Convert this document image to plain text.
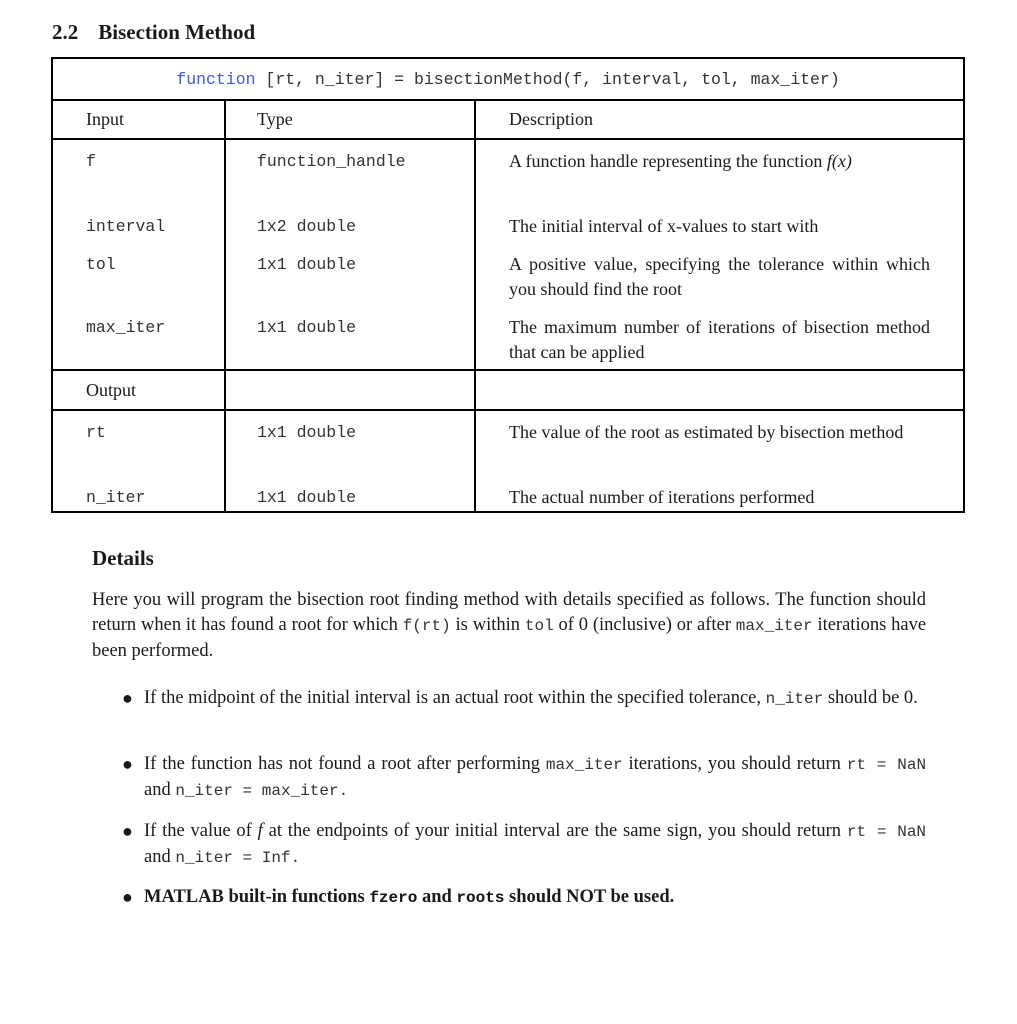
2.2 Bisection Method
function [rt, n_iter] = bisectionMethod(f, interval, tol, max_iter)		
Input	Type	Description
f	function_handle	A function handle representing the function f(x)
interval	1x2 double	The initial interval of x-values to start with
tol	1x1 double	A positive value, specifying the tolerance within which you should find the root
max_iter	1x1 double	The maximum number of iterations of bisection method that can be applied
Output		
rt	1x1 double	The value of the root as estimated by bisection method
n_iter	1x1 double	The actual number of iterations performed
Details
Here you will program the bisection root finding method with details specified as follows. The function should return when it has found a root for which f(rt) is within tol of 0 (inclusive) or after max_iter iterations have been performed.
● If the midpoint of the initial interval is an actual root within the specified tolerance, n_iter should be 0.
● If the function has not found a root after performing max_iter iterations, you should return rt = NaN and n_iter = max_iter.
● If the value of f at the endpoints of your initial interval are the same sign, you should return rt = NaN and n_iter = Inf.
● MATLAB built-in functions fzero and roots should NOT be used.
